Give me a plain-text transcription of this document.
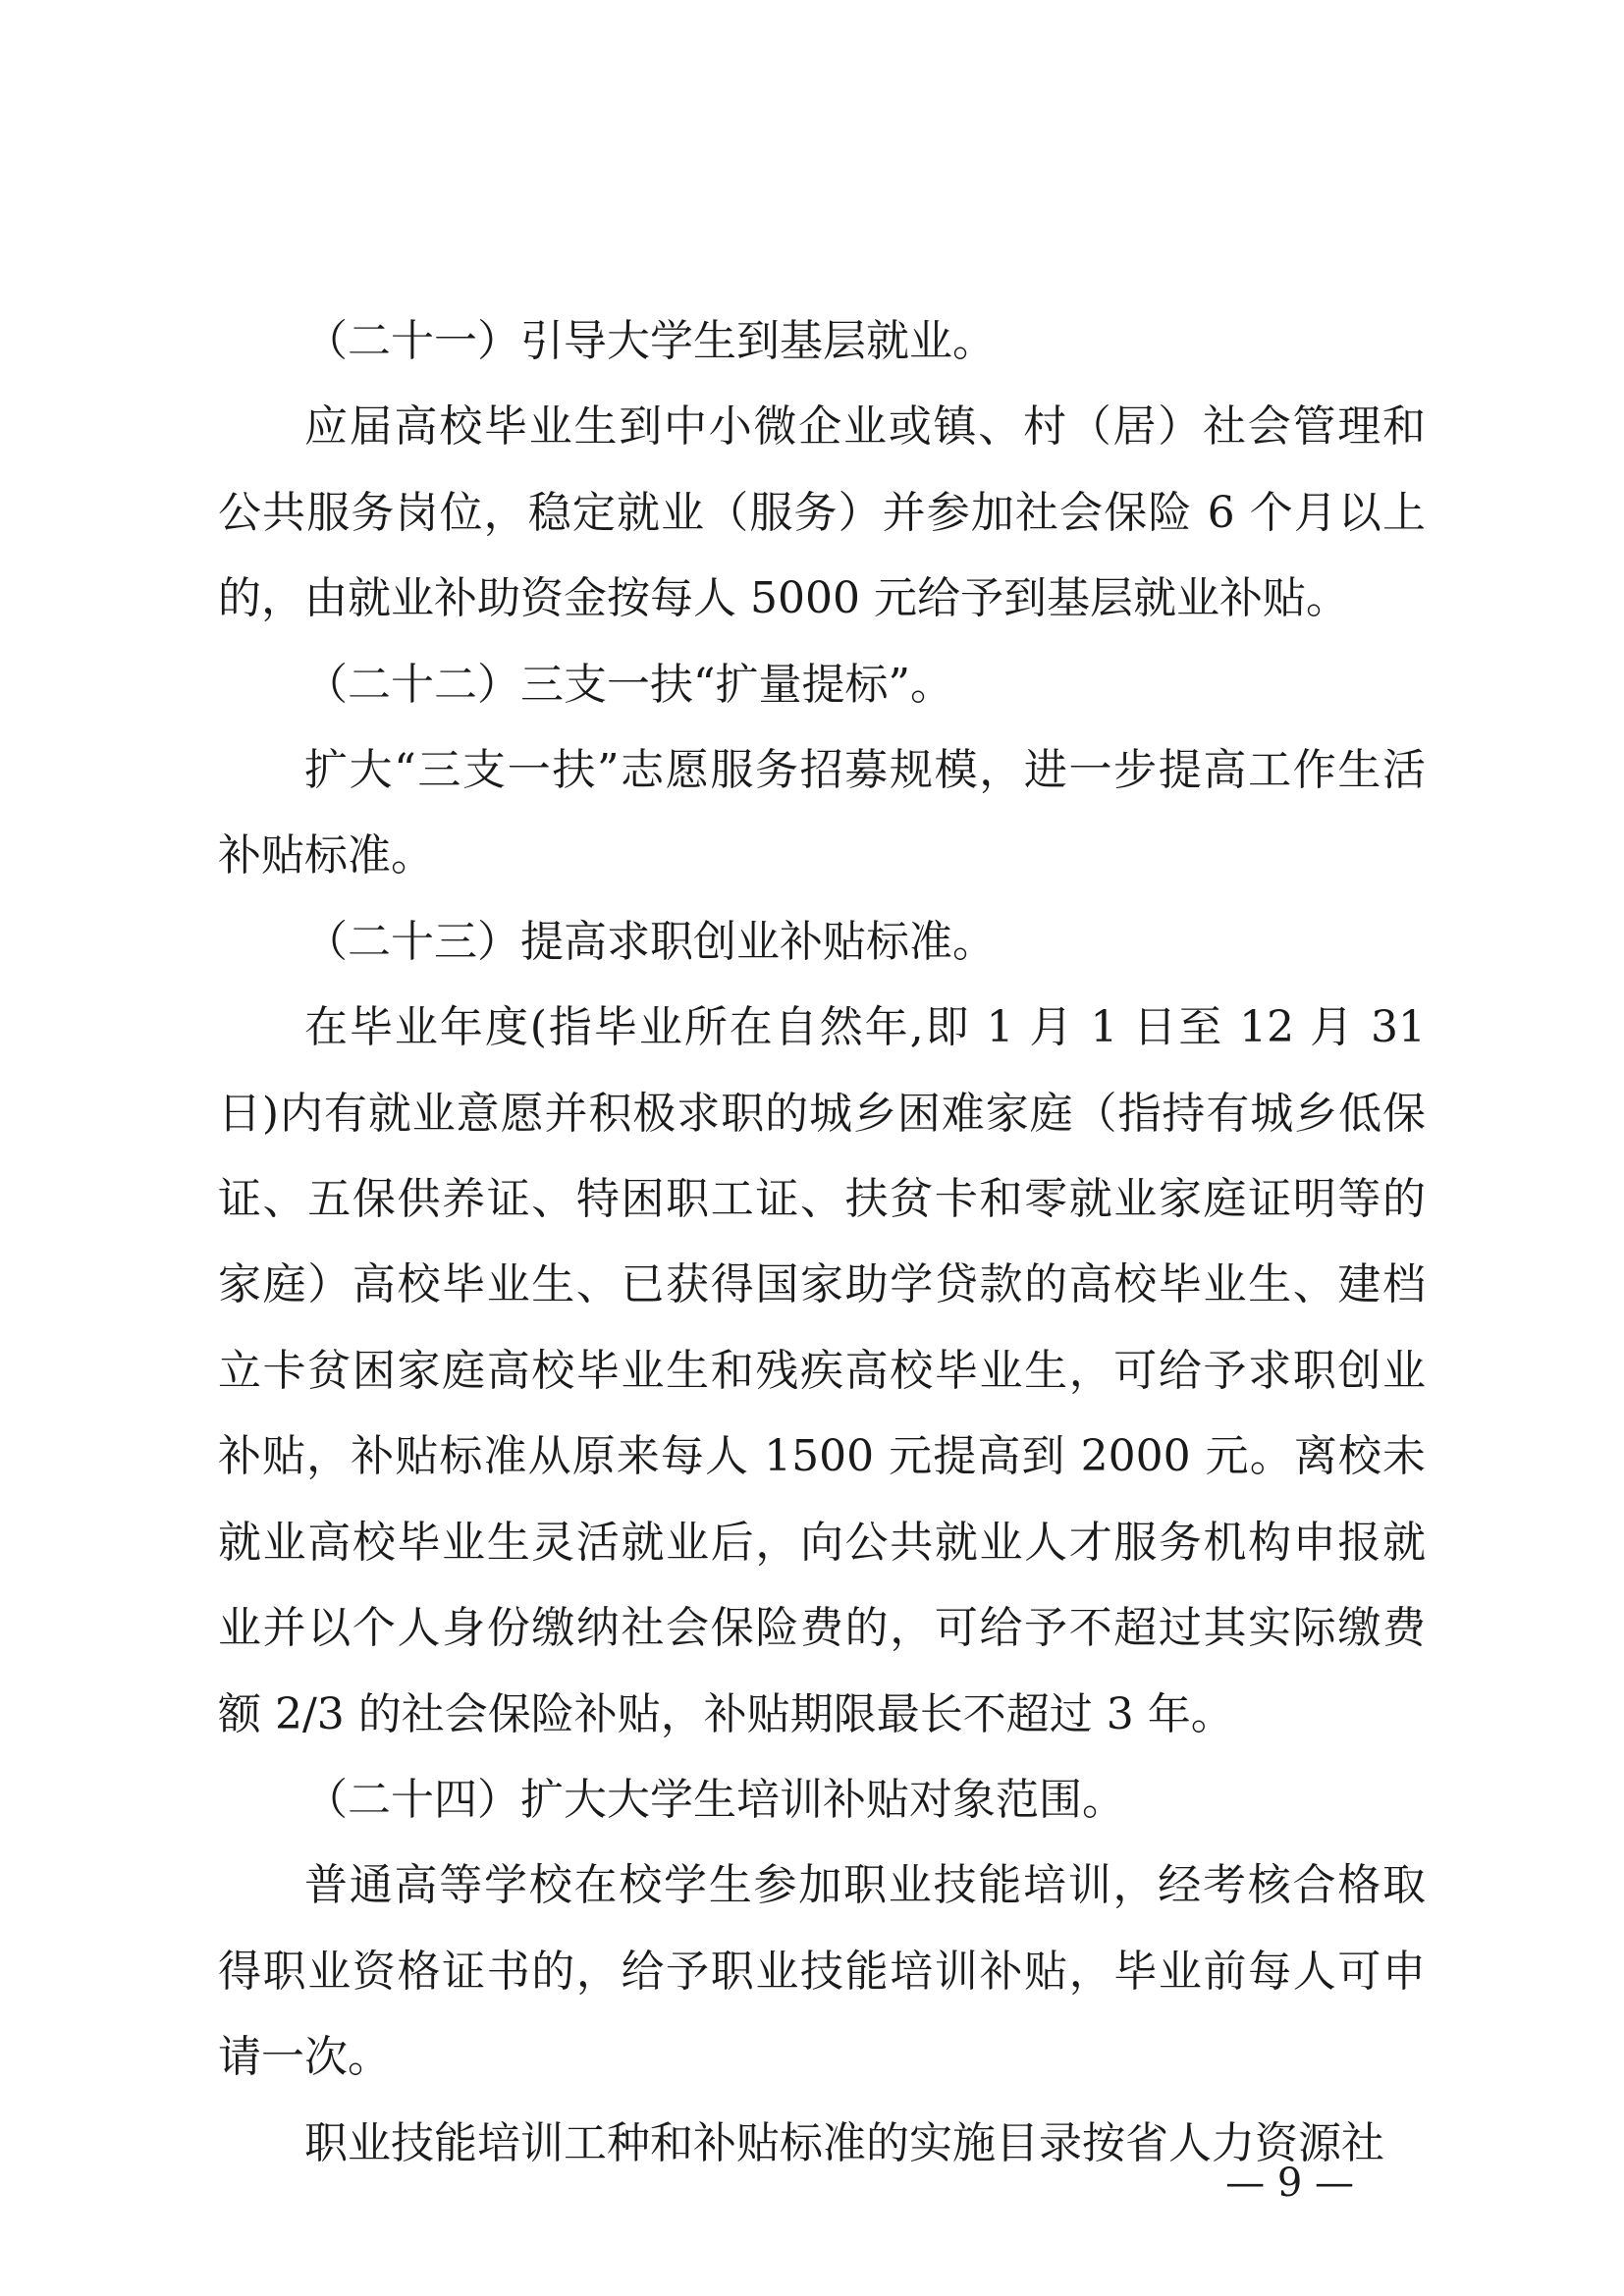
（二十一）引导大学生到基层就业。

应届高校毕业生到中小微企业或镇、村（居）社会管理和公共服务岗位，稳定就业（服务）并参加社会保险 6 个月以上的，由就业补助资金按每人 5000 元给予到基层就业补贴。

（二十二）三支一扶“扩量提标”。

扩大“三支一扶”志愿服务招募规模，进一步提高工作生活补贴标准。

（二十三）提高求职创业补贴标准。

在毕业年度(指毕业所在自然年,即 1 月 1 日至 12 月 31 日)内有就业意愿并积极求职的城乡困难家庭（指持有城乡低保证、五保供养证、特困职工证、扶贫卡和零就业家庭证明等的家庭）高校毕业生、已获得国家助学贷款的高校毕业生、建档立卡贫困家庭高校毕业生和残疾高校毕业生，可给予求职创业补贴，补贴标准从原来每人 1500 元提高到 2000 元。离校未就业高校毕业生灵活就业后，向公共就业人才服务机构申报就业并以个人身份缴纳社会保险费的，可给予不超过其实际缴费额 2/3 的社会保险补贴，补贴期限最长不超过 3 年。

（二十四）扩大大学生培训补贴对象范围。

普通高等学校在校学生参加职业技能培训，经考核合格取得职业资格证书的，给予职业技能培训补贴，毕业前每人可申请一次。

职业技能培训工种和补贴标准的实施目录按省人力资源社

— 9 —
